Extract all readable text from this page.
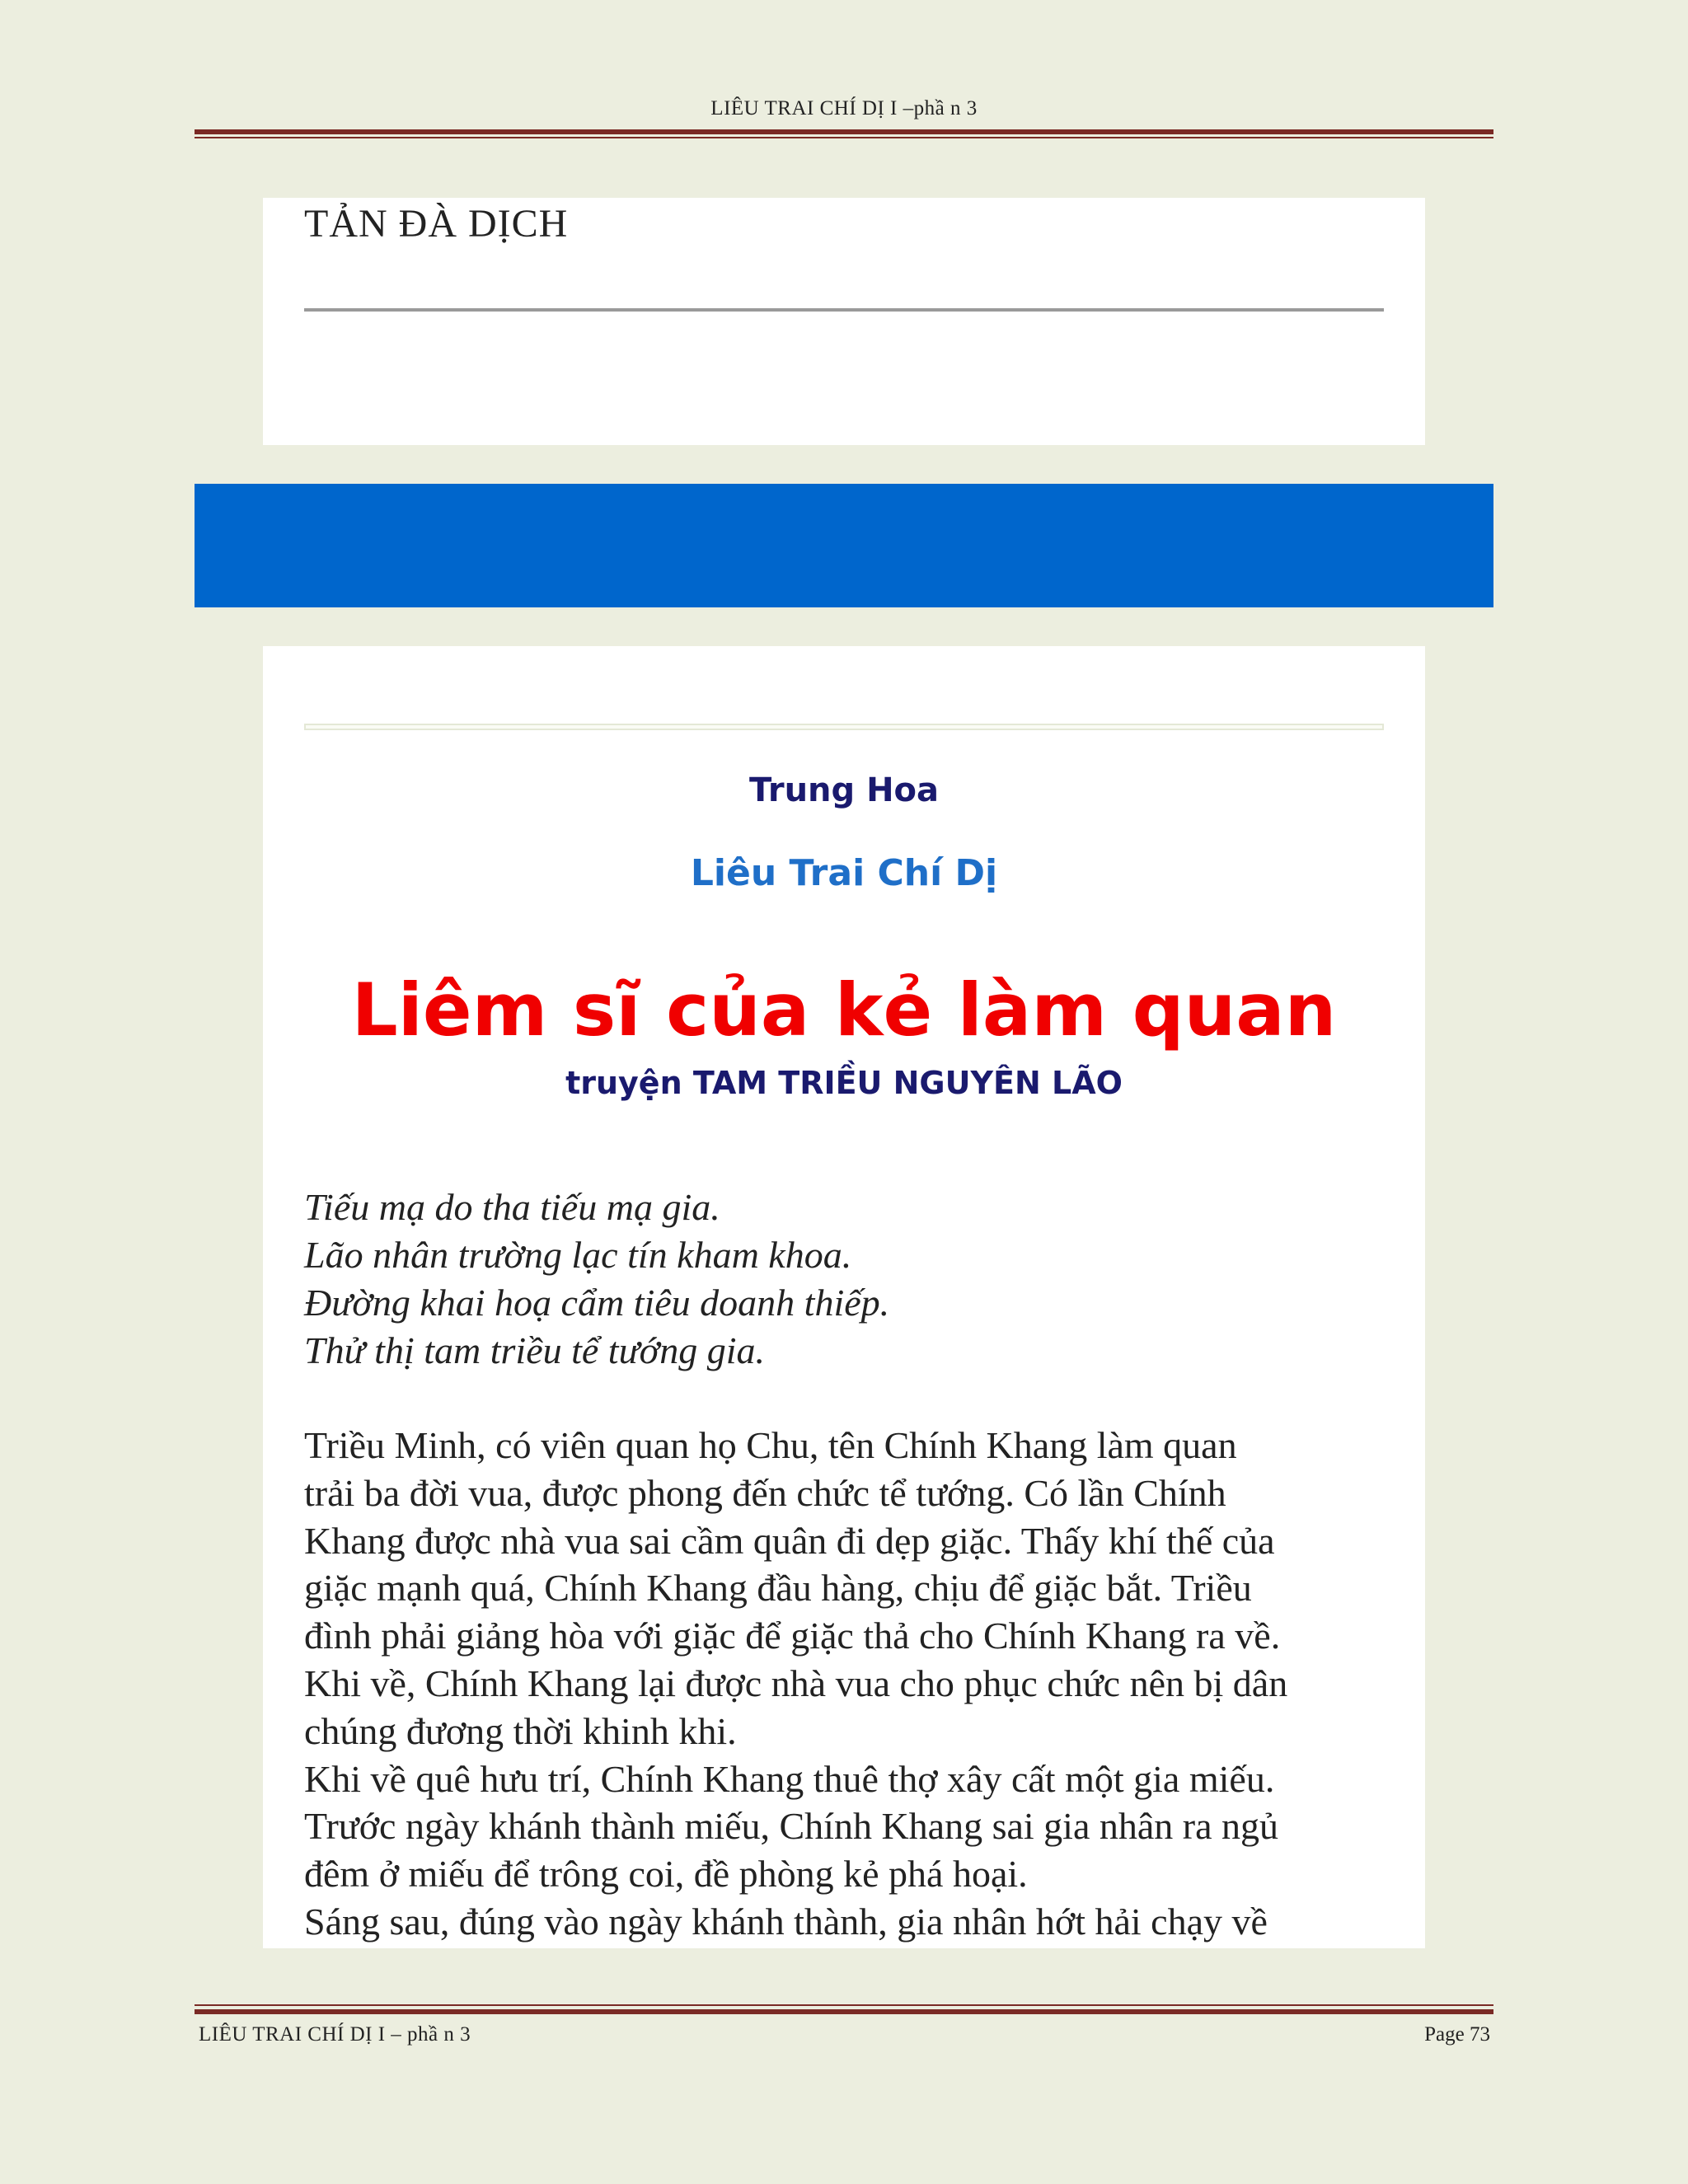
LIÊU TRAI CHÍ DỊ I –phầ n 3
TẢN ĐÀ DỊCH
Trung Hoa
Liêu Trai Chí Dị
Liêm sĩ của kẻ làm quan
truyện TAM TRIỀU NGUYÊN LÃO
Tiếu mạ do tha tiếu mạ gia.
Lão nhân trường lạc tín kham khoa.
Đường khai hoạ cẩm tiêu doanh thiếp.
Thử thị tam triều tể tướng gia.
Triều Minh, có viên quan họ Chu, tên Chính Khang làm quan
trải ba đời vua, được phong đến chức tể tướng. Có lần Chính
Khang được nhà vua sai cầm quân đi dẹp giặc. Thấy khí thế của
giặc mạnh quá, Chính Khang đầu hàng, chịu để giặc bắt. Triều
đình phải giảng hòa với giặc để giặc thả cho Chính Khang ra về.
Khi về, Chính Khang lại được nhà vua cho phục chức nên bị dân
chúng đương thời khinh khi.
Khi về quê hưu trí, Chính Khang thuê thợ xây cất một gia miếu.
Trước ngày khánh thành miếu, Chính Khang sai gia nhân ra ngủ
đêm ở miếu để trông coi, đề phòng kẻ phá hoại.
Sáng sau, đúng vào ngày khánh thành, gia nhân hớt hải chạy về
LIÊU TRAI CHÍ DỊ I – phầ n 3	Page 73
